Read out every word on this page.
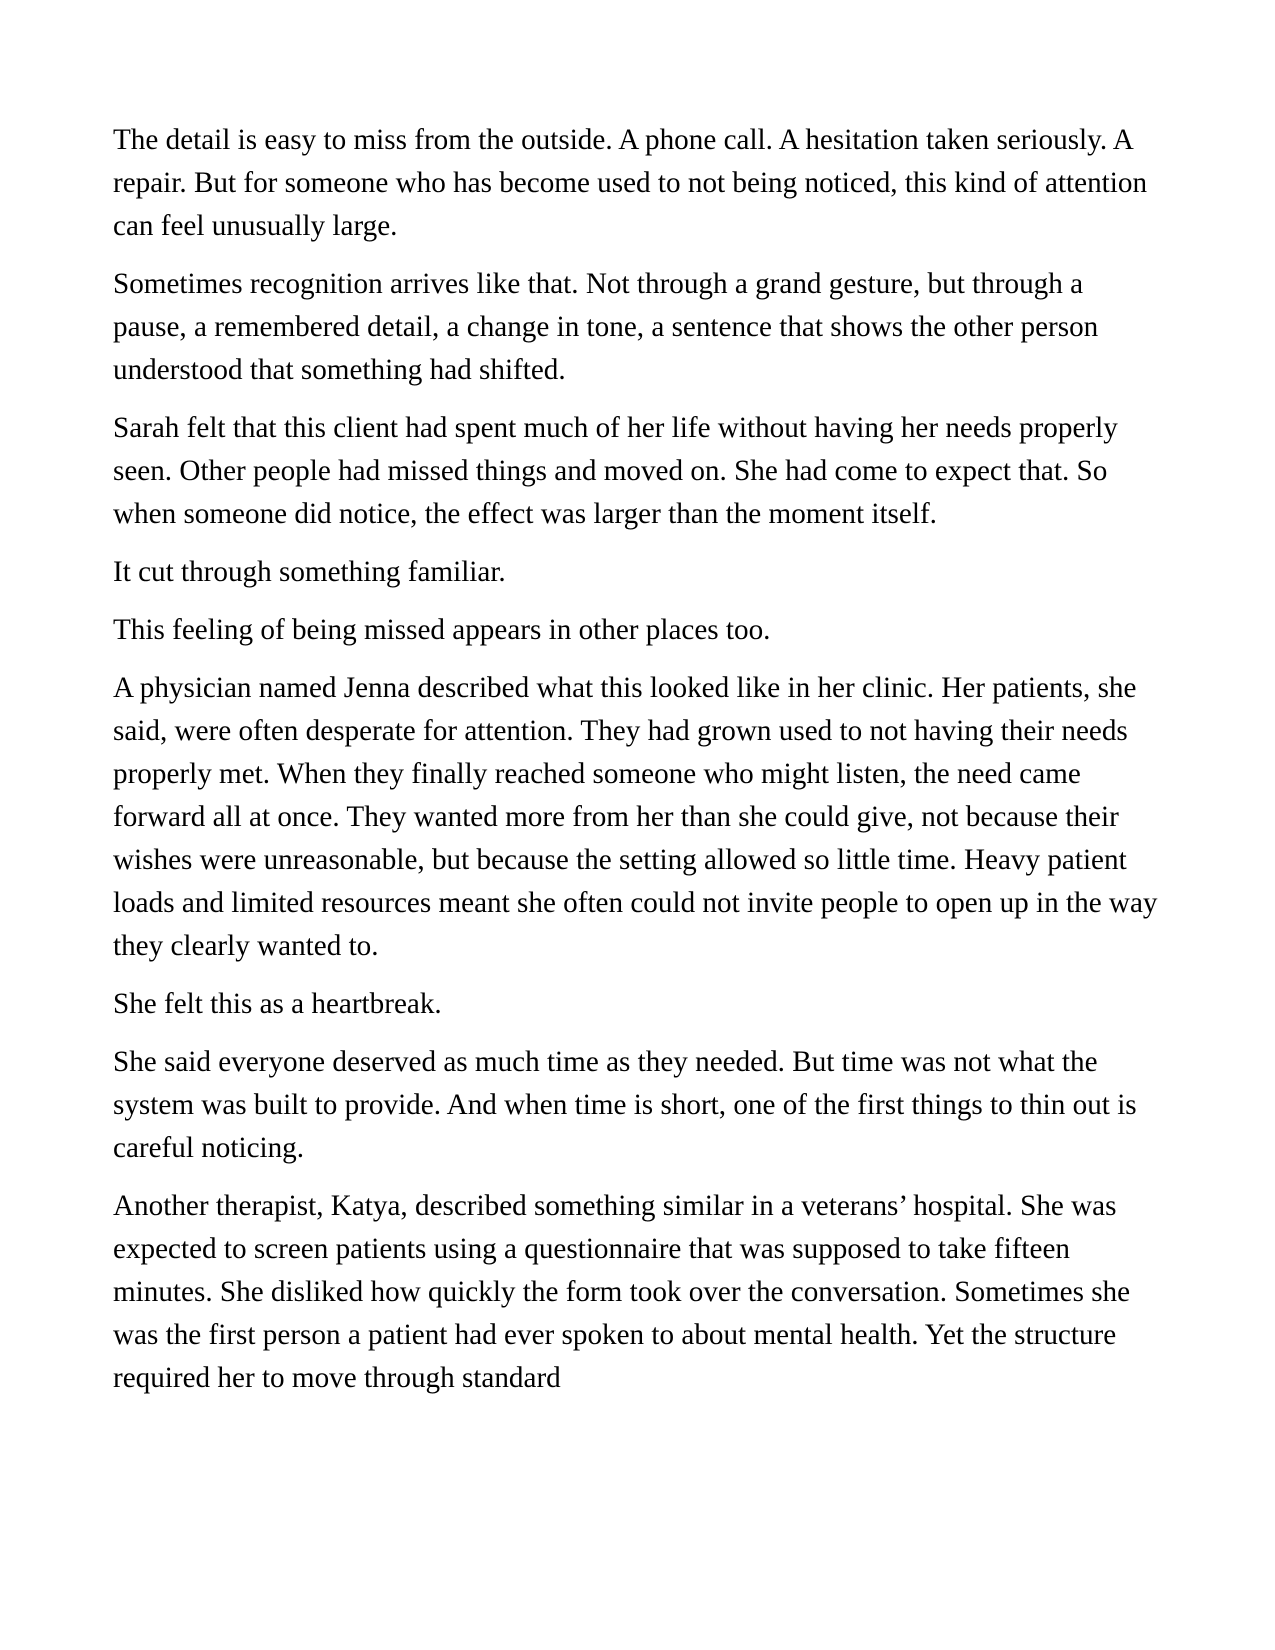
The detail is easy to miss from the outside. A phone call. A hesitation taken seriously. A repair. But for someone who has become used to not being noticed, this kind of attention can feel unusually large.

Sometimes recognition arrives like that. Not through a grand gesture, but through a pause, a remembered detail, a change in tone, a sentence that shows the other person understood that something had shifted.

Sarah felt that this client had spent much of her life without having her needs properly seen. Other people had missed things and moved on. She had come to expect that. So when someone did notice, the effect was larger than the moment itself.

It cut through something familiar.

This feeling of being missed appears in other places too.

A physician named Jenna described what this looked like in her clinic. Her patients, she said, were often desperate for attention. They had grown used to not having their needs properly met. When they finally reached someone who might listen, the need came forward all at once. They wanted more from her than she could give, not because their wishes were unreasonable, but because the setting allowed so little time. Heavy patient loads and limited resources meant she often could not invite people to open up in the way they clearly wanted to.

She felt this as a heartbreak.

She said everyone deserved as much time as they needed. But time was not what the system was built to provide. And when time is short, one of the first things to thin out is careful noticing.

Another therapist, Katya, described something similar in a veterans’ hospital. She was expected to screen patients using a questionnaire that was supposed to take fifteen minutes. She disliked how quickly the form took over the conversation. Sometimes she was the first person a patient had ever spoken to about mental health. Yet the structure required her to move through standard
